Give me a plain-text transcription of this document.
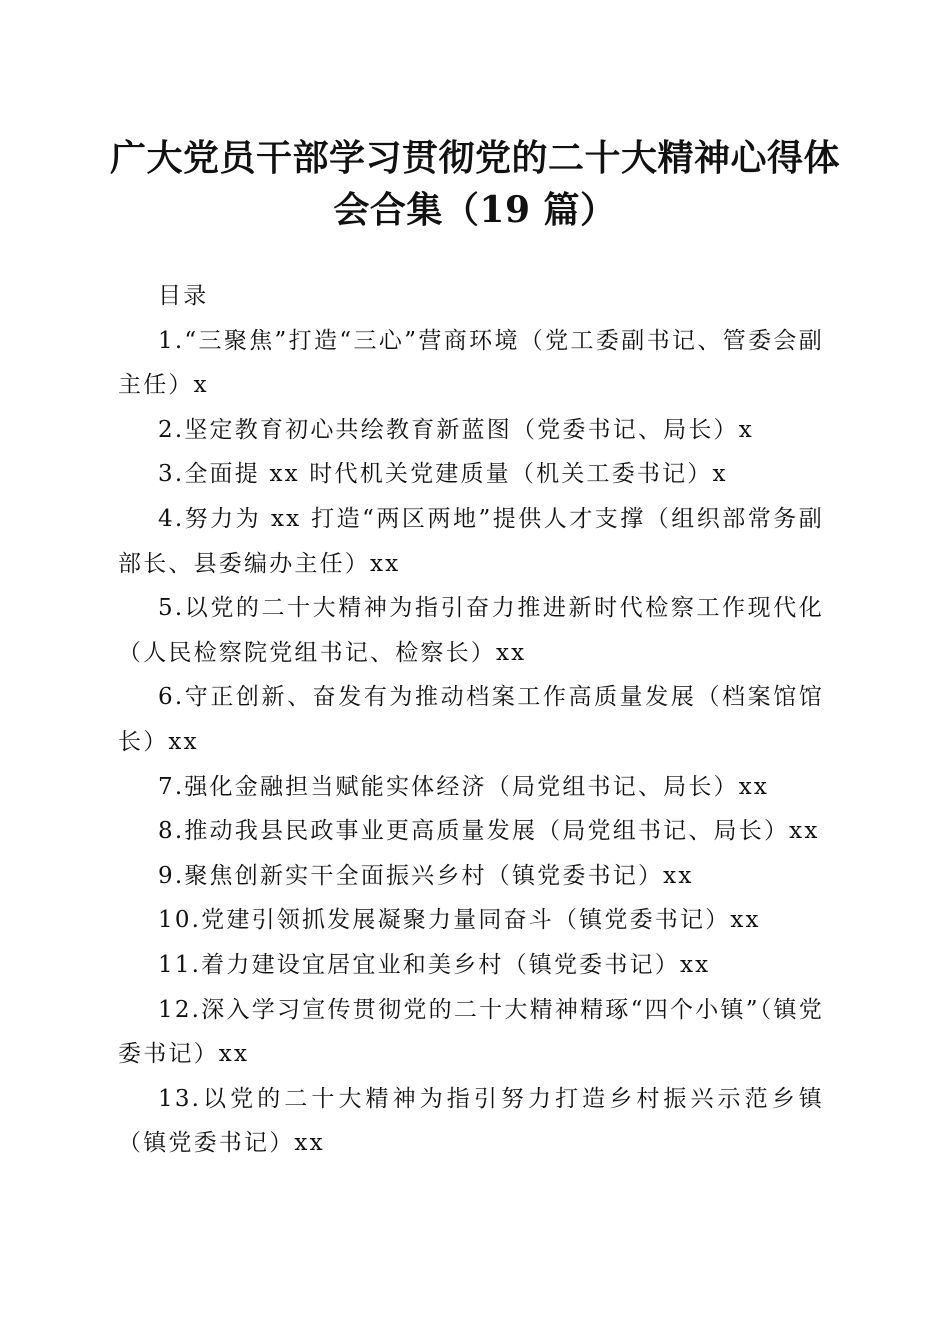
广大党员干部学习贯彻党的二十大精神心得体
会合集（19 篇）

目录

1.“三聚焦”打造“三心”营商环境（党工委副书记、管委会副主任）x

2.坚定教育初心共绘教育新蓝图（党委书记、局长）x

3.全面提 xx 时代机关党建质量（机关工委书记）x

4.努力为 xx 打造“两区两地”提供人才支撑（组织部常务副部长、县委编办主任）xx

5.以党的二十大精神为指引奋力推进新时代检察工作现代化（人民检察院党组书记、检察长）xx

6.守正创新、奋发有为推动档案工作高质量发展（档案馆馆长）xx

7.强化金融担当赋能实体经济（局党组书记、局长）xx

8.推动我县民政事业更高质量发展（局党组书记、局长）xx

9.聚焦创新实干全面振兴乡村（镇党委书记）xx

10.党建引领抓发展凝聚力量同奋斗（镇党委书记）xx

11.着力建设宜居宜业和美乡村（镇党委书记）xx

12.深入学习宣传贯彻党的二十大精神精琢“四个小镇”（镇党委书记）xx

13.以党的二十大精神为指引努力打造乡村振兴示范乡镇（镇党委书记）xx
